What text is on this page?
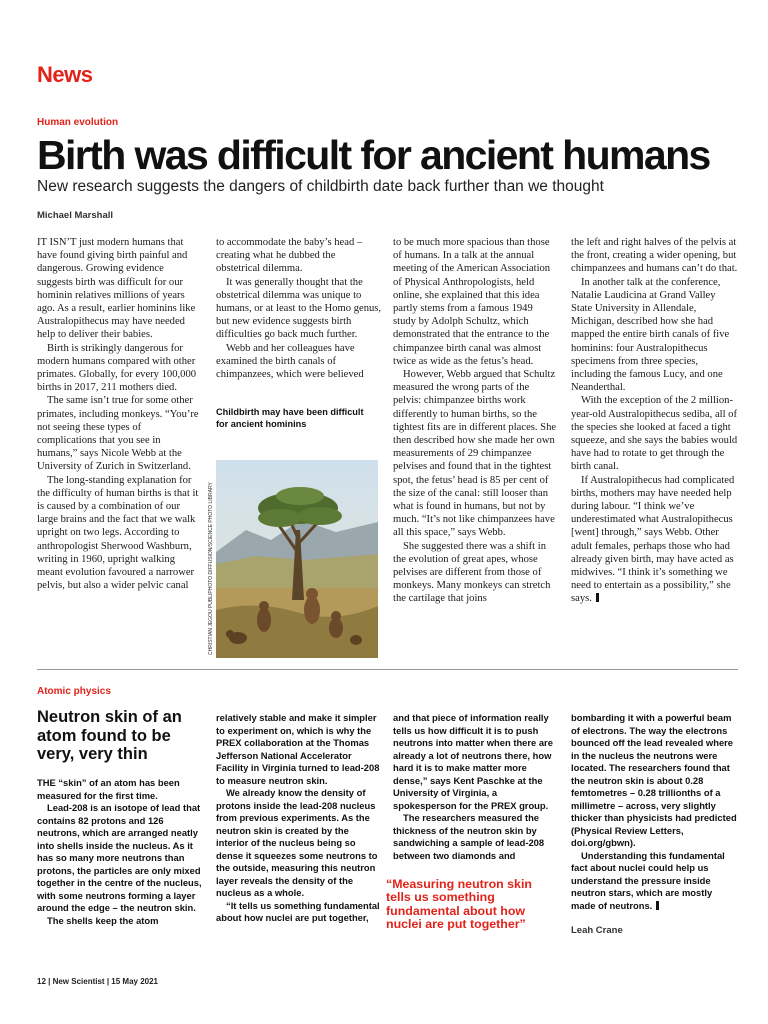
News
Human evolution
Birth was difficult for ancient humans
New research suggests the dangers of childbirth date back further than we thought
Michael Marshall

IT ISN’T just modern humans that have found giving birth painful and dangerous. Growing evidence suggests birth was difficult for our hominin relatives millions of years ago. As a result, earlier hominins like Australopithecus may have needed help to deliver their babies.

Birth is strikingly dangerous for modern humans compared with other primates. Globally, for every 100,000 births in 2017, 211 mothers died.

The same isn’t true for some other primates, including monkeys. “You’re not seeing these types of complications that you see in humans,” says Nicole Webb at the University of Zurich in Switzerland.

The long-standing explanation for the difficulty of human births is that it is caused by a combination of our large brains and the fact that we walk upright on two legs. According to anthropologist Sherwood Washburn, writing in 1960, upright walking meant evolution favoured a narrower pelvis, but also a wider pelvic canal

to accommodate the baby’s head – creating what he dubbed the obstetrical dilemma.

It was generally thought that the obstetrical dilemma was unique to humans, or at least to the Homo genus, but new evidence suggests birth difficulties go back much further.

Webb and her colleagues have examined the birth canals of chimpanzees, which were believed

Childbirth may have been difficult for ancient hominins
CHRISTIAN JEGOU PUBLIPHOTO DIFFUSION/SCIENCE PHOTO LIBRARY

to be much more spacious than those of humans. In a talk at the annual meeting of the American Association of Physical Anthropologists, held online, she explained that this idea partly stems from a famous 1949 study by Adolph Schultz, which demonstrated that the entrance to the chimpanzee birth canal was almost twice as wide as the fetus’s head.

However, Webb argued that Schultz measured the wrong parts of the pelvis: chimpanzee births work differently to human births, so the tightest fits are in different places. She then described how she made her own measurements of 29 chimpanzee pelvises and found that in the tightest spot, the fetus’ head is 85 per cent of the size of the canal: still looser than what is found in humans, but not by much. “It’s not like chimpanzees have all this space,” says Webb.

She suggested there was a shift in the evolution of great apes, whose pelvises are different from those of monkeys. Many monkeys can stretch the cartilage that joins

the left and right halves of the pelvis at the front, creating a wider opening, but chimpanzees and humans can’t do that.

In another talk at the conference, Natalie Laudicina at Grand Valley State University in Allendale, Michigan, described how she had mapped the entire birth canals of five hominins: four Australopithecus specimens from three species, including the famous Lucy, and one Neanderthal.

With the exception of the 2 million-year-old Australopithecus sediba, all of the species she looked at faced a tight squeeze, and she says the babies would have had to rotate to get through the birth canal.

If Australopithecus had complicated births, mothers may have needed help during labour. “I think we’ve underestimated what Australopithecus [went] through,” says Webb. Other adult females, perhaps those who had already given birth, may have acted as midwives. “I think it’s something we need to entertain as a possibility,” she says.

Atomic physics
Neutron skin of an atom found to be very, very thin

THE “skin” of an atom has been measured for the first time.

Lead-208 is an isotope of lead that contains 82 protons and 126 neutrons, which are arranged neatly into shells inside the nucleus. As it has so many more neutrons than protons, the particles are only mixed together in the centre of the nucleus, with some neutrons forming a layer around the edge – the neutron skin.

The shells keep the atom

relatively stable and make it simpler to experiment on, which is why the PREX collaboration at the Thomas Jefferson National Accelerator Facility in Virginia turned to lead-208 to measure neutron skin.

We already know the density of protons inside the lead-208 nucleus from previous experiments. As the neutron skin is created by the interior of the nucleus being so dense it squeezes some neutrons to the outside, measuring this neutron layer reveals the density of the nucleus as a whole.

“It tells us something fundamental about how nuclei are put together,

and that piece of information really tells us how difficult it is to push neutrons into matter when there are already a lot of neutrons there, how hard it is to make matter more dense,” says Kent Paschke at the University of Virginia, a spokesperson for the PREX group.

The researchers measured the thickness of the neutron skin by sandwiching a sample of lead-208 between two diamonds and

“Measuring neutron skin tells us something fundamental about how nuclei are put together”

bombarding it with a powerful beam of electrons. The way the electrons bounced off the lead revealed where in the nucleus the neutrons were located. The researchers found that the neutron skin is about 0.28 femtometres – 0.28 trillionths of a millimetre – across, very slightly thicker than physicists had predicted (Physical Review Letters, doi.org/gbwn).

Understanding this fundamental fact about nuclei could help us understand the pressure inside neutron stars, which are mostly made of neutrons.

Leah Crane
12 | New Scientist | 15 May 2021
